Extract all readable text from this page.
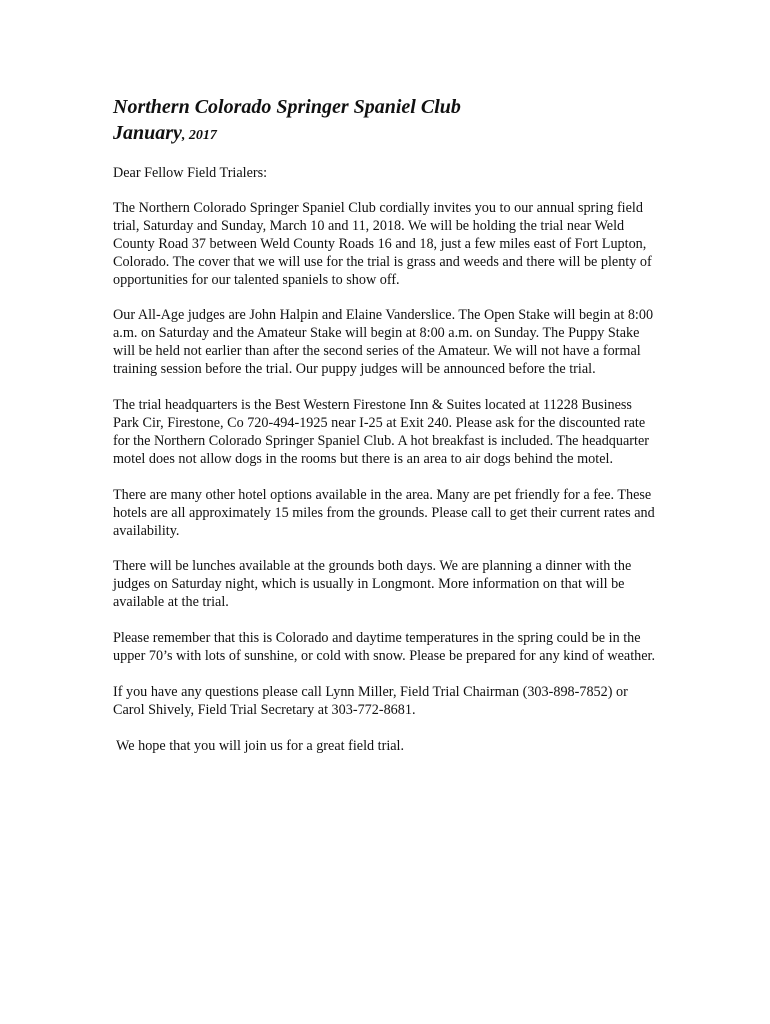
Northern Colorado Springer Spaniel Club

January, 2017

Dear Fellow Field Trialers:

The Northern Colorado Springer Spaniel Club cordially invites you to our annual spring field trial, Saturday and Sunday, March 10 and 11, 2018. We will be holding the trial near Weld County Road 37 between Weld County Roads 16 and 18, just a few miles east of Fort Lupton, Colorado. The cover that we will use for the trial is grass and weeds and there will be plenty of opportunities for our talented spaniels to show off.

Our All-Age judges are John Halpin and Elaine Vanderslice. The Open Stake will begin at 8:00 a.m. on Saturday and the Amateur Stake will begin at 8:00 a.m. on Sunday. The Puppy Stake will be held not earlier than after the second series of the Amateur. We will not have a formal training session before the trial. Our puppy judges will be announced before the trial.

The trial headquarters is the Best Western Firestone Inn & Suites located at 11228 Business Park Cir, Firestone, Co 720-494-1925 near I-25 at Exit 240. Please ask for the discounted rate for the Northern Colorado Springer Spaniel Club. A hot breakfast is included. The headquarter motel does not allow dogs in the rooms but there is an area to air dogs behind the motel.

There are many other hotel options available in the area. Many are pet friendly for a fee. These hotels are all approximately 15 miles from the grounds. Please call to get their current rates and availability.

There will be lunches available at the grounds both days. We are planning a dinner with the judges on Saturday night, which is usually in Longmont. More information on that will be available at the trial.

Please remember that this is Colorado and daytime temperatures in the spring could be in the upper 70’s with lots of sunshine, or cold with snow. Please be prepared for any kind of weather.

If you have any questions please call Lynn Miller, Field Trial Chairman (303-898-7852) or Carol Shively, Field Trial Secretary at 303-772-8681.

We hope that you will join us for a great field trial.
